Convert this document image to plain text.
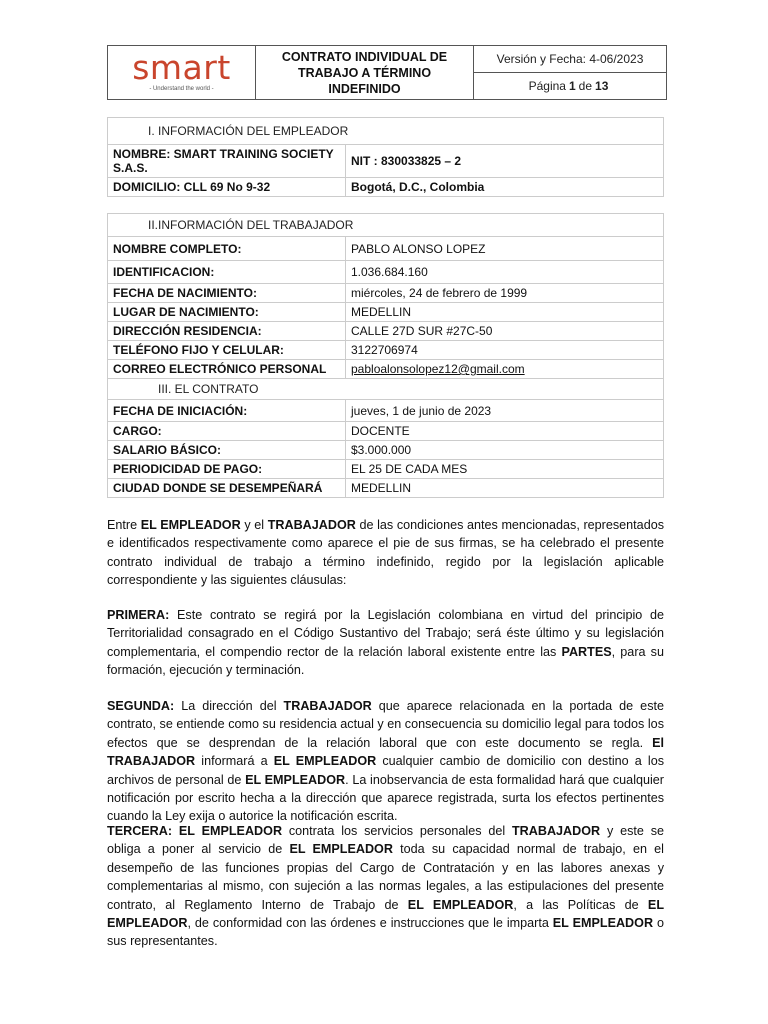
smart
- Understand the world -
CONTRATO INDIVIDUAL DE TRABAJO A TÉRMINO INDEFINIDO
Versión y Fecha: 4-06/2023
Página 1 de 13
I. INFORMACIÓN DEL EMPLEADOR	
NOMBRE: SMART TRAINING SOCIETY S.A.S.	NIT : 830033825 – 2
DOMICILIO: CLL 69 No 9-32	Bogotá, D.C., Colombia
II.INFORMACIÓN DEL TRABAJADOR	
NOMBRE COMPLETO:	PABLO ALONSO LOPEZ
IDENTIFICACION:	1.036.684.160
FECHA DE NACIMIENTO:	miércoles, 24 de febrero de 1999
LUGAR DE NACIMIENTO:	MEDELLIN
DIRECCIÓN RESIDENCIA:	CALLE 27D SUR #27C-50
TELÉFONO FIJO Y CELULAR:	3122706974
CORREO ELECTRÓNICO PERSONAL	pabloalonsolopez12@gmail.com
III. EL CONTRATO	
FECHA DE INICIACIÓN:	jueves, 1 de junio de 2023
CARGO:	DOCENTE
SALARIO BÁSICO:	$3.000.000
PERIODICIDAD DE PAGO:	EL 25 DE CADA MES
CIUDAD DONDE SE DESEMPEÑARÁ	MEDELLIN

Entre EL EMPLEADOR y el TRABAJADOR de las condiciones antes mencionadas, representados e identificados respectivamente como aparece el pie de sus firmas, se ha celebrado el presente contrato individual de trabajo a término indefinido, regido por la legislación aplicable correspondiente y las siguientes cláusulas:

PRIMERA: Este contrato se regirá por la Legislación colombiana en virtud del principio de Territorialidad consagrado en el Código Sustantivo del Trabajo; será éste último y su legislación complementaria, el compendio rector de la relación laboral existente entre las PARTES, para su formación, ejecución y terminación.

SEGUNDA: La dirección del TRABAJADOR que aparece relacionada en la portada de este contrato, se entiende como su residencia actual y en consecuencia su domicilio legal para todos los efectos que se desprendan de la relación laboral que con este documento se regla. El TRABAJADOR informará a EL EMPLEADOR cualquier cambio de domicilio con destino a los archivos de personal de EL EMPLEADOR. La inobservancia de esta formalidad hará que cualquier notificación por escrito hecha a la dirección que aparece registrada, surta los efectos pertinentes cuando la Ley exija o autorice la notificación escrita.

TERCERA: EL EMPLEADOR contrata los servicios personales del TRABAJADOR y este se obliga a poner al servicio de EL EMPLEADOR toda su capacidad normal de trabajo, en el desempeño de las funciones propias del Cargo de Contratación y en las labores anexas y complementarias al mismo, con sujeción a las normas legales, a las estipulaciones del presente contrato, al Reglamento Interno de Trabajo de EL EMPLEADOR, a las Políticas de EL EMPLEADOR, de conformidad con las órdenes e instrucciones que le imparta EL EMPLEADOR o sus representantes.
